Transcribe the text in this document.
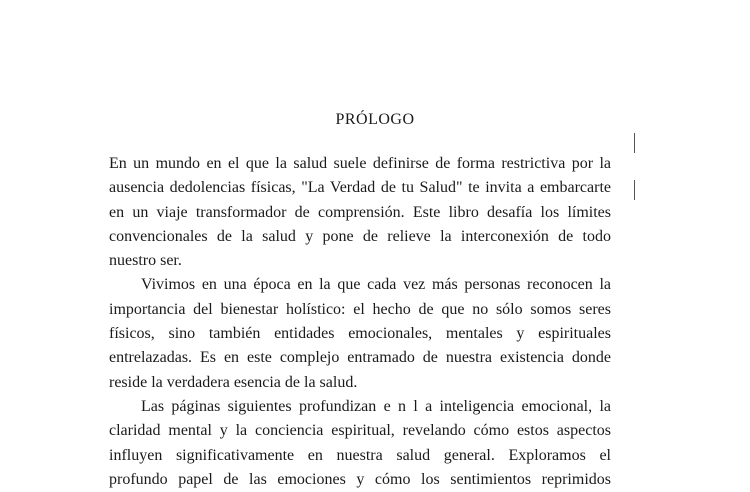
PRÓLOGO

En un mundo en el que la salud suele definirse de forma restrictiva por la

ausencia dedolencias físicas, "La Verdad de tu Salud" te invita a embarcarte

en un viaje transformador de comprensión. Este libro desafía los límites

convencionales de la salud y pone de relieve la interconexión de todo

nuestro ser.

Vivimos en una época en la que cada vez más personas reconocen la

importancia del bienestar holístico: el hecho de que no sólo somos seres

físicos, sino también entidades emocionales, mentales y espirituales

entrelazadas. Es en este complejo entramado de nuestra existencia donde

reside la verdadera esencia de la salud.

Las páginas siguientes profundizan e n l a inteligencia emocional, la

claridad mental y la conciencia espiritual, revelando cómo estos aspectos

influyen significativamente en nuestra salud general. Exploramos el

profundo papel de las emociones y cómo los sentimientos reprimidos
